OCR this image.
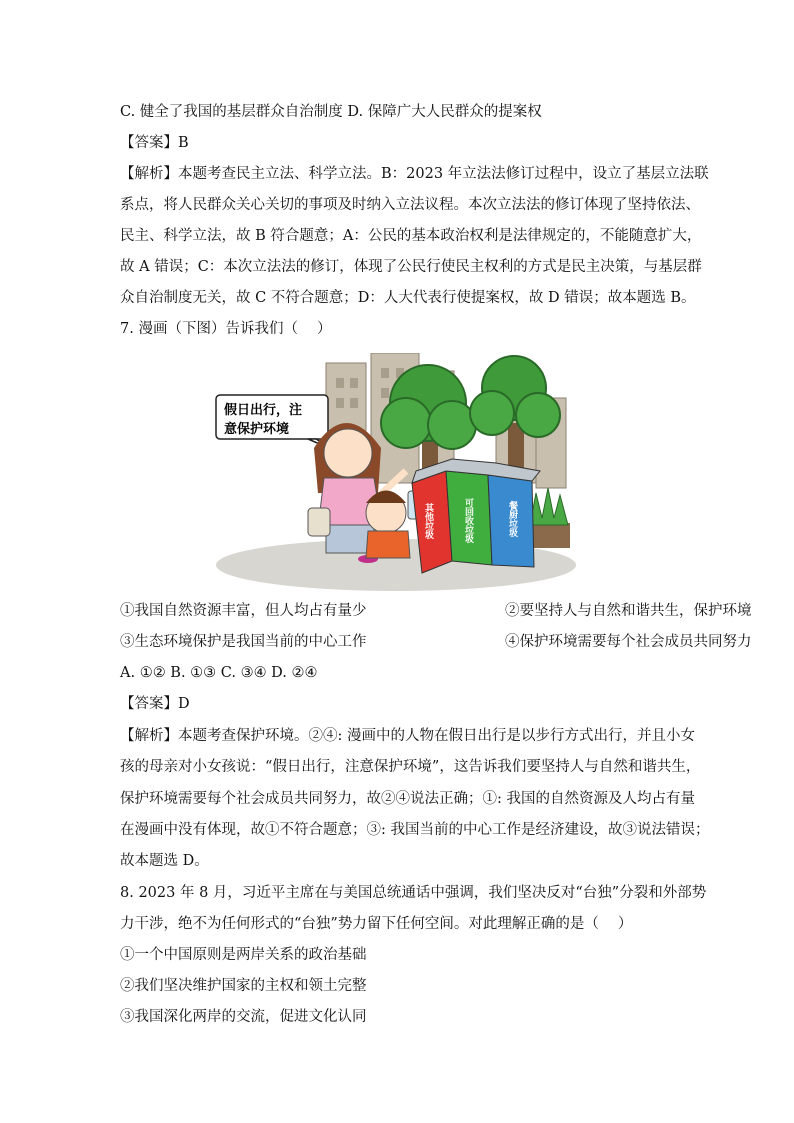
C. 健全了我国的基层群众自治制度 D. 保障广大人民群众的提案权
【答案】B
【解析】本题考查民主立法、科学立法。B：2023 年立法法修订过程中，设立了基层立法联
系点，将人民群众关心关切的事项及时纳入立法议程。本次立法法的修订体现了坚持依法、
民主、科学立法，故 B 符合题意；A：公民的基本政治权利是法律规定的，不能随意扩大，
故 A 错误；C：本次立法法的修订，体现了公民行使民主权利的方式是民主决策，与基层群
众自治制度无关，故 C 不符合题意；D：人大代表行使提案权，故 D 错误；故本题选 B。
7. 漫画（下图）告诉我们（　 ）
假日出行，注
意保护环境
其他垃圾	可回收垃圾	餐厨垃圾
①我国自然资源丰富，但人均占有量少	②要坚持人与自然和谐共生，保护环境
③生态环境保护是我国当前的中心工作	④保护环境需要每个社会成员共同努力
A. ①② B. ①③ C. ③④ D. ②④
【答案】D
【解析】本题考查保护环境。②④: 漫画中的人物在假日出行是以步行方式出行，并且小女
孩的母亲对小女孩说：“假日出行，注意保护环境”，这告诉我们要坚持人与自然和谐共生，
保护环境需要每个社会成员共同努力，故②④说法正确；①: 我国的自然资源及人均占有量
在漫画中没有体现，故①不符合题意；③: 我国当前的中心工作是经济建设，故③说法错误；
故本题选 D。
8. 2023 年 8 月，习近平主席在与美国总统通话中强调，我们坚决反对“台独”分裂和外部势
力干涉，绝不为任何形式的“台独”势力留下任何空间。对此理解正确的是（　 ）
①一个中国原则是两岸关系的政治基础
②我们坚决维护国家的主权和领土完整
③我国深化两岸的交流，促进文化认同
